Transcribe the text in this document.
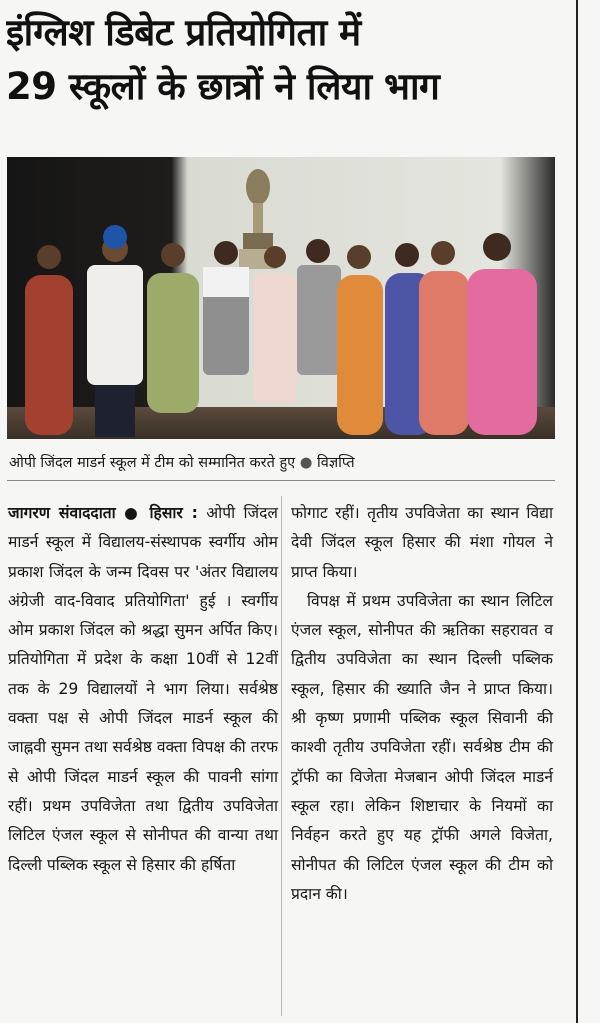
इंग्लिश डिबेट प्रतियोगिता में
29 स्कूलों के छात्रों ने लिया भाग
ओपी जिंदल माडर्न स्कूल में टीम को सम्मानित करते हुए ● विज्ञप्ति

जागरण संवाददाता ● हिसार : ओपी जिंदल माडर्न स्कूल में विद्यालय-संस्थापक स्वर्गीय ओम प्रकाश जिंदल के जन्म दिवस पर 'अंतर विद्यालय अंग्रेजी वाद-विवाद प्रतियोगिता' हुई । स्वर्गीय ओम प्रकाश जिंदल को श्रद्धा सुमन अर्पित किए। प्रतियोगिता में प्रदेश के कक्षा 10वीं से 12वीं तक के 29 विद्यालयों ने भाग लिया। सर्वश्रेष्ठ वक्ता पक्ष से ओपी जिंदल माडर्न स्कूल की जाह्नवी सुमन तथा सर्वश्रेष्ठ वक्ता विपक्ष की तरफ से ओपी जिंदल माडर्न स्कूल की पावनी सांगा रहीं। प्रथम उपविजेता तथा द्वितीय उपविजेता लिटिल एंजल स्कूल से सोनीपत की वान्या तथा दिल्ली पब्लिक स्कूल से हिसार की हर्षिता

फोगाट रहीं। तृतीय उपविजेता का स्थान विद्या देवी जिंदल स्कूल हिसार की मंशा गोयल ने प्राप्त किया।

विपक्ष में प्रथम उपविजेता का स्थान लिटिल एंजल स्कूल, सोनीपत की ऋतिका सहरावत व द्वितीय उपविजेता का स्थान दिल्ली पब्लिक स्कूल, हिसार की ख्याति जैन ने प्राप्त किया। श्री कृष्ण प्रणामी पब्लिक स्कूल सिवानी की काश्वी तृतीय उपविजेता रहीं। सर्वश्रेष्ठ टीम की ट्रॉफी का विजेता मेजबान ओपी जिंदल माडर्न स्कूल रहा। लेकिन शिष्टाचार के नियमों का निर्वहन करते हुए यह ट्रॉफी अगले विजेता, सोनीपत की लिटिल एंजल स्कूल की टीम को प्रदान की।
